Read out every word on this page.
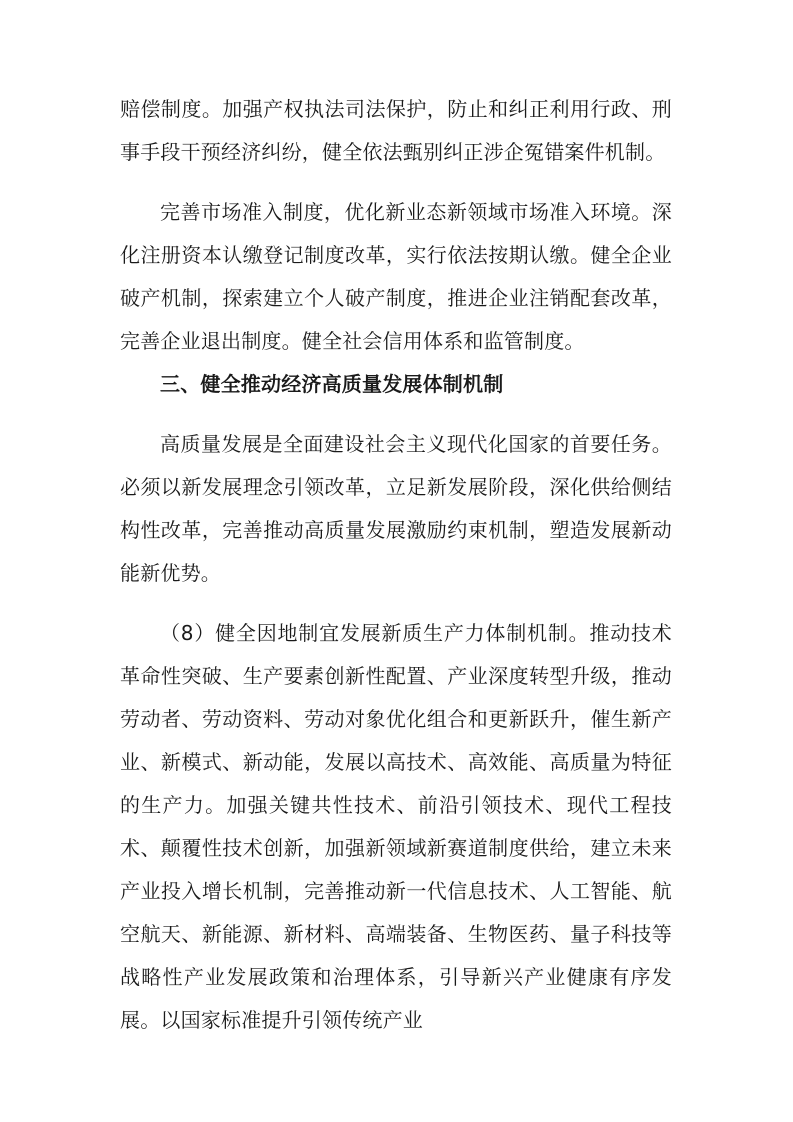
赔偿制度。加强产权执法司法保护，防止和纠正利用行政、刑事手段干预经济纠纷，健全依法甄别纠正涉企冤错案件机制。

完善市场准入制度，优化新业态新领域市场准入环境。深化注册资本认缴登记制度改革，实行依法按期认缴。健全企业破产机制，探索建立个人破产制度，推进企业注销配套改革，完善企业退出制度。健全社会信用体系和监管制度。

三、健全推动经济高质量发展体制机制

高质量发展是全面建设社会主义现代化国家的首要任务。必须以新发展理念引领改革，立足新发展阶段，深化供给侧结构性改革，完善推动高质量发展激励约束机制，塑造发展新动能新优势。

（8）健全因地制宜发展新质生产力体制机制。推动技术革命性突破、生产要素创新性配置、产业深度转型升级，推动劳动者、劳动资料、劳动对象优化组合和更新跃升，催生新产业、新模式、新动能，发展以高技术、高效能、高质量为特征的生产力。加强关键共性技术、前沿引领技术、现代工程技术、颠覆性技术创新，加强新领域新赛道制度供给，建立未来产业投入增长机制，完善推动新一代信息技术、人工智能、航空航天、新能源、新材料、高端装备、生物医药、量子科技等战略性产业发展政策和治理体系，引导新兴产业健康有序发展。以国家标准提升引领传统产业
